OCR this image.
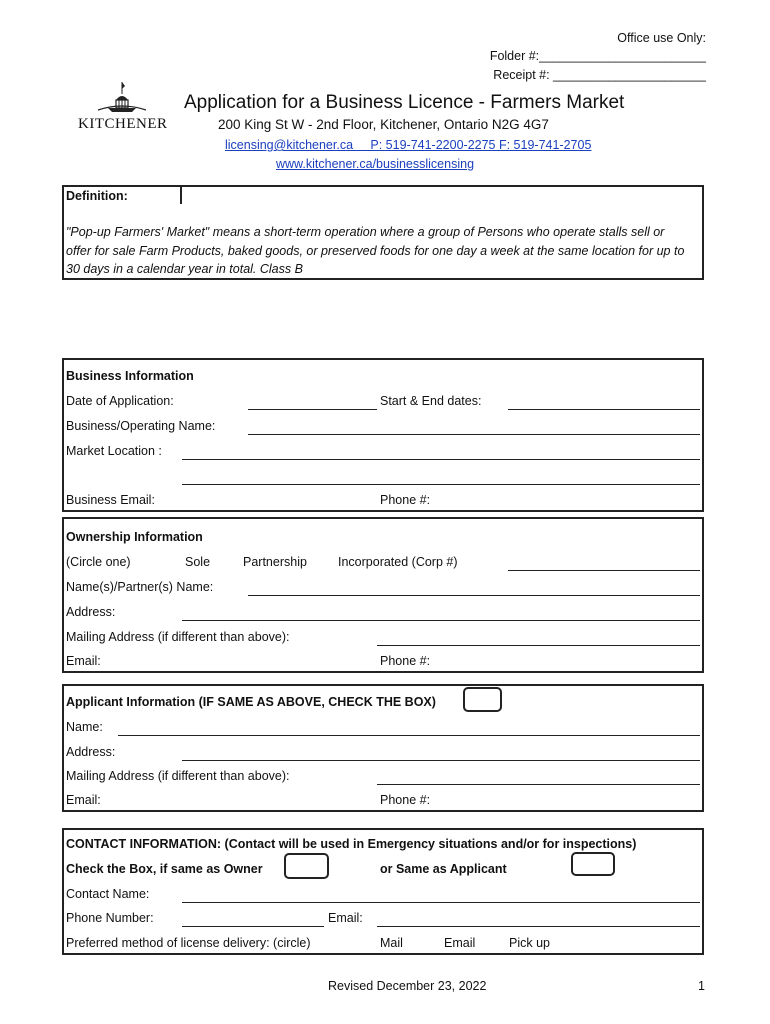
Office use Only:
Folder #:________________________
Receipt #: ______________________
KITCHENER
Application for a Business Licence - Farmers Market
200 King St W - 2nd Floor, Kitchener, Ontario N2G 4G7
licensing@kitchener.ca     P: 519-741-2200-2275 F: 519-741-2705
www.kitchener.ca/businesslicensing
Definition:
"Pop-up Farmers' Market" means a short-term operation where a group of Persons who operate stalls sell or
offer for sale Farm Products, baked goods, or preserved foods for one day a week at the same location for up to
30 days in a calendar year in total. Class B
Business Information
Date of Application:	Start & End dates:
Business/Operating Name:
Market Location :
Business Email:	Phone #:
Ownership Information
(Circle one)	Sole	Partnership Incorporated (Corp #)
Name(s)/Partner(s) Name:
Address:
Mailing Address (if different than above):
Email:	Phone #:
Applicant Information (IF SAME AS ABOVE, CHECK THE BOX)
Name:
Address:
Mailing Address (if different than above):
Email:	Phone #:
CONTACT INFORMATION: (Contact will be used in Emergency situations and/or for inspections)
Check the Box, if same as Owner	or Same as Applicant
Contact Name:
Phone Number:	Email:
Preferred method of license delivery: (circle)	Mail	Email	Pick up
Revised December 23, 2022	1
